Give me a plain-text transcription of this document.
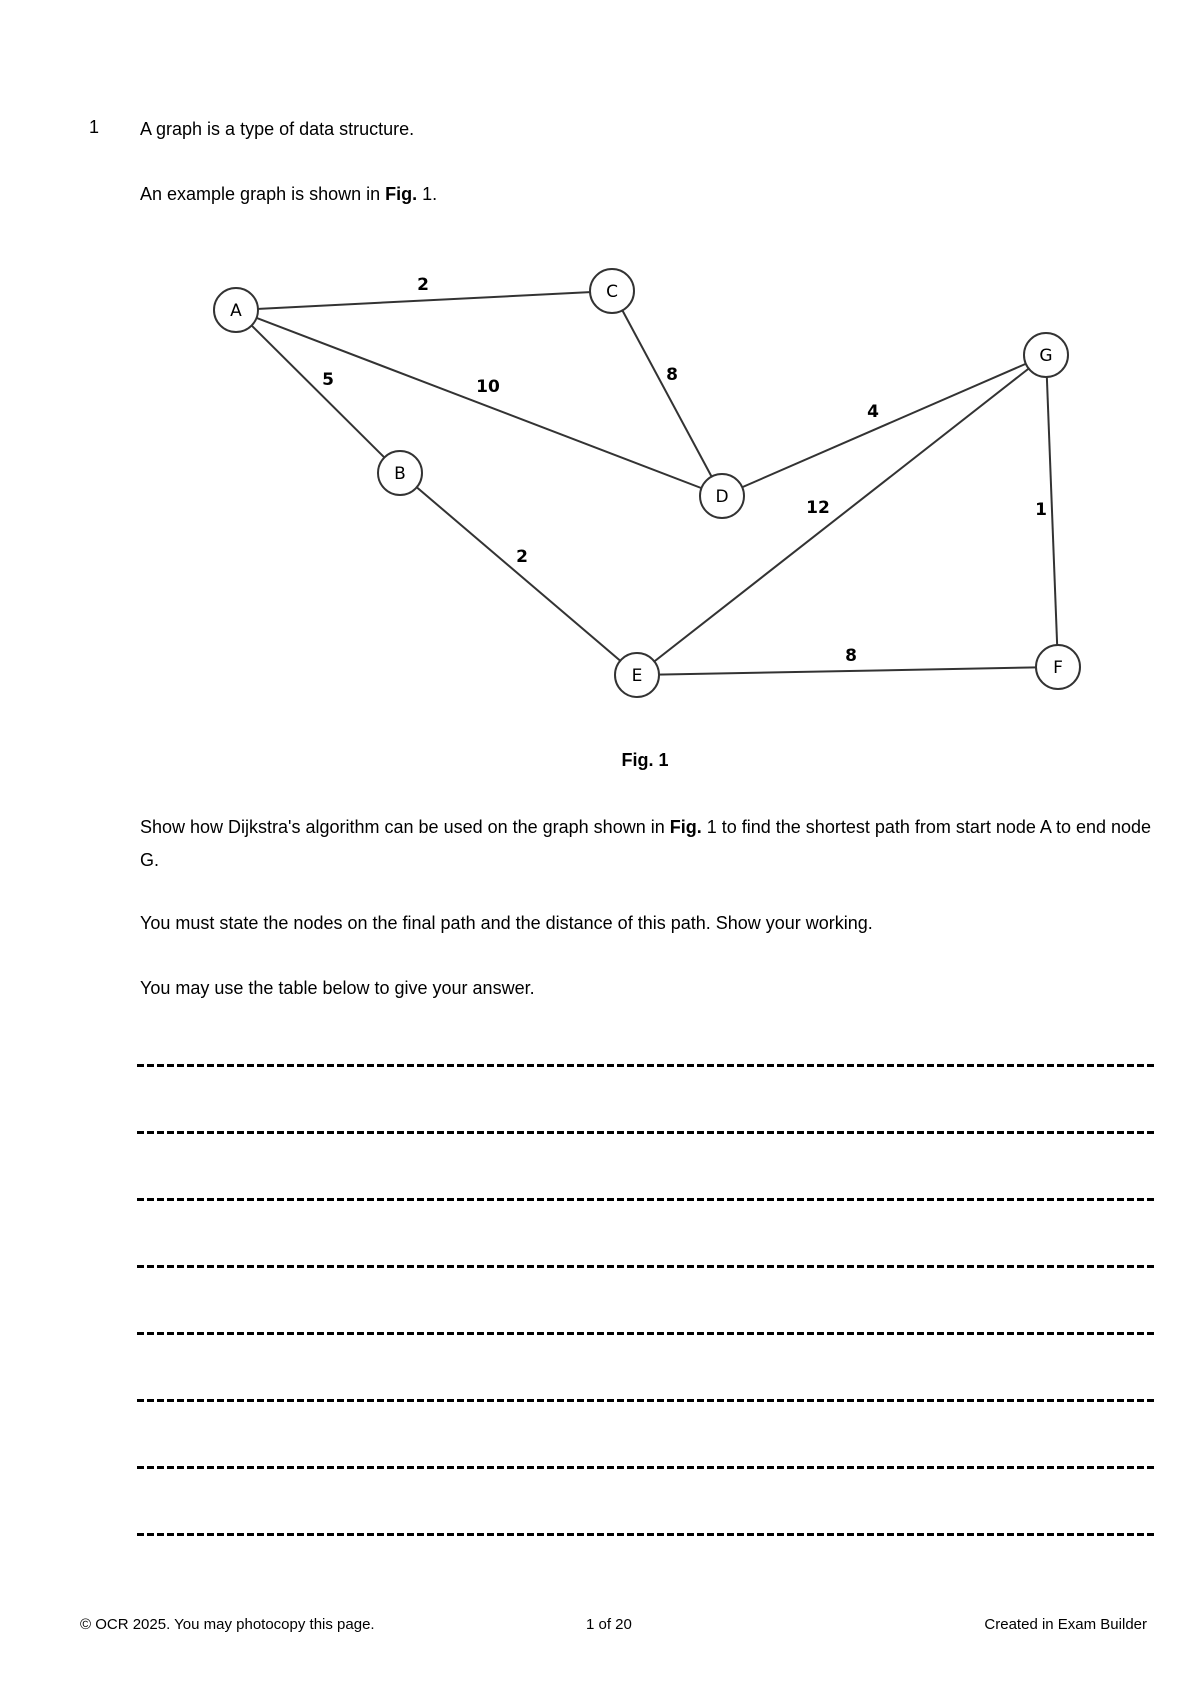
1 A graph is a type of data structure.
An example graph is shown in Fig. 1.
2
5	10
8
4
2
12	1
8
A
B
C
D
E	F
G
Fig. 1
Show how Dijkstra's algorithm can be used on the graph shown in Fig. 1 to find the shortest path from start node A to end node G.
You must state the nodes on the final path and the distance of this path. Show your working.
You may use the table below to give your answer.
© OCR 2025. You may photocopy this page.	1 of 20	Created in Exam Builder
